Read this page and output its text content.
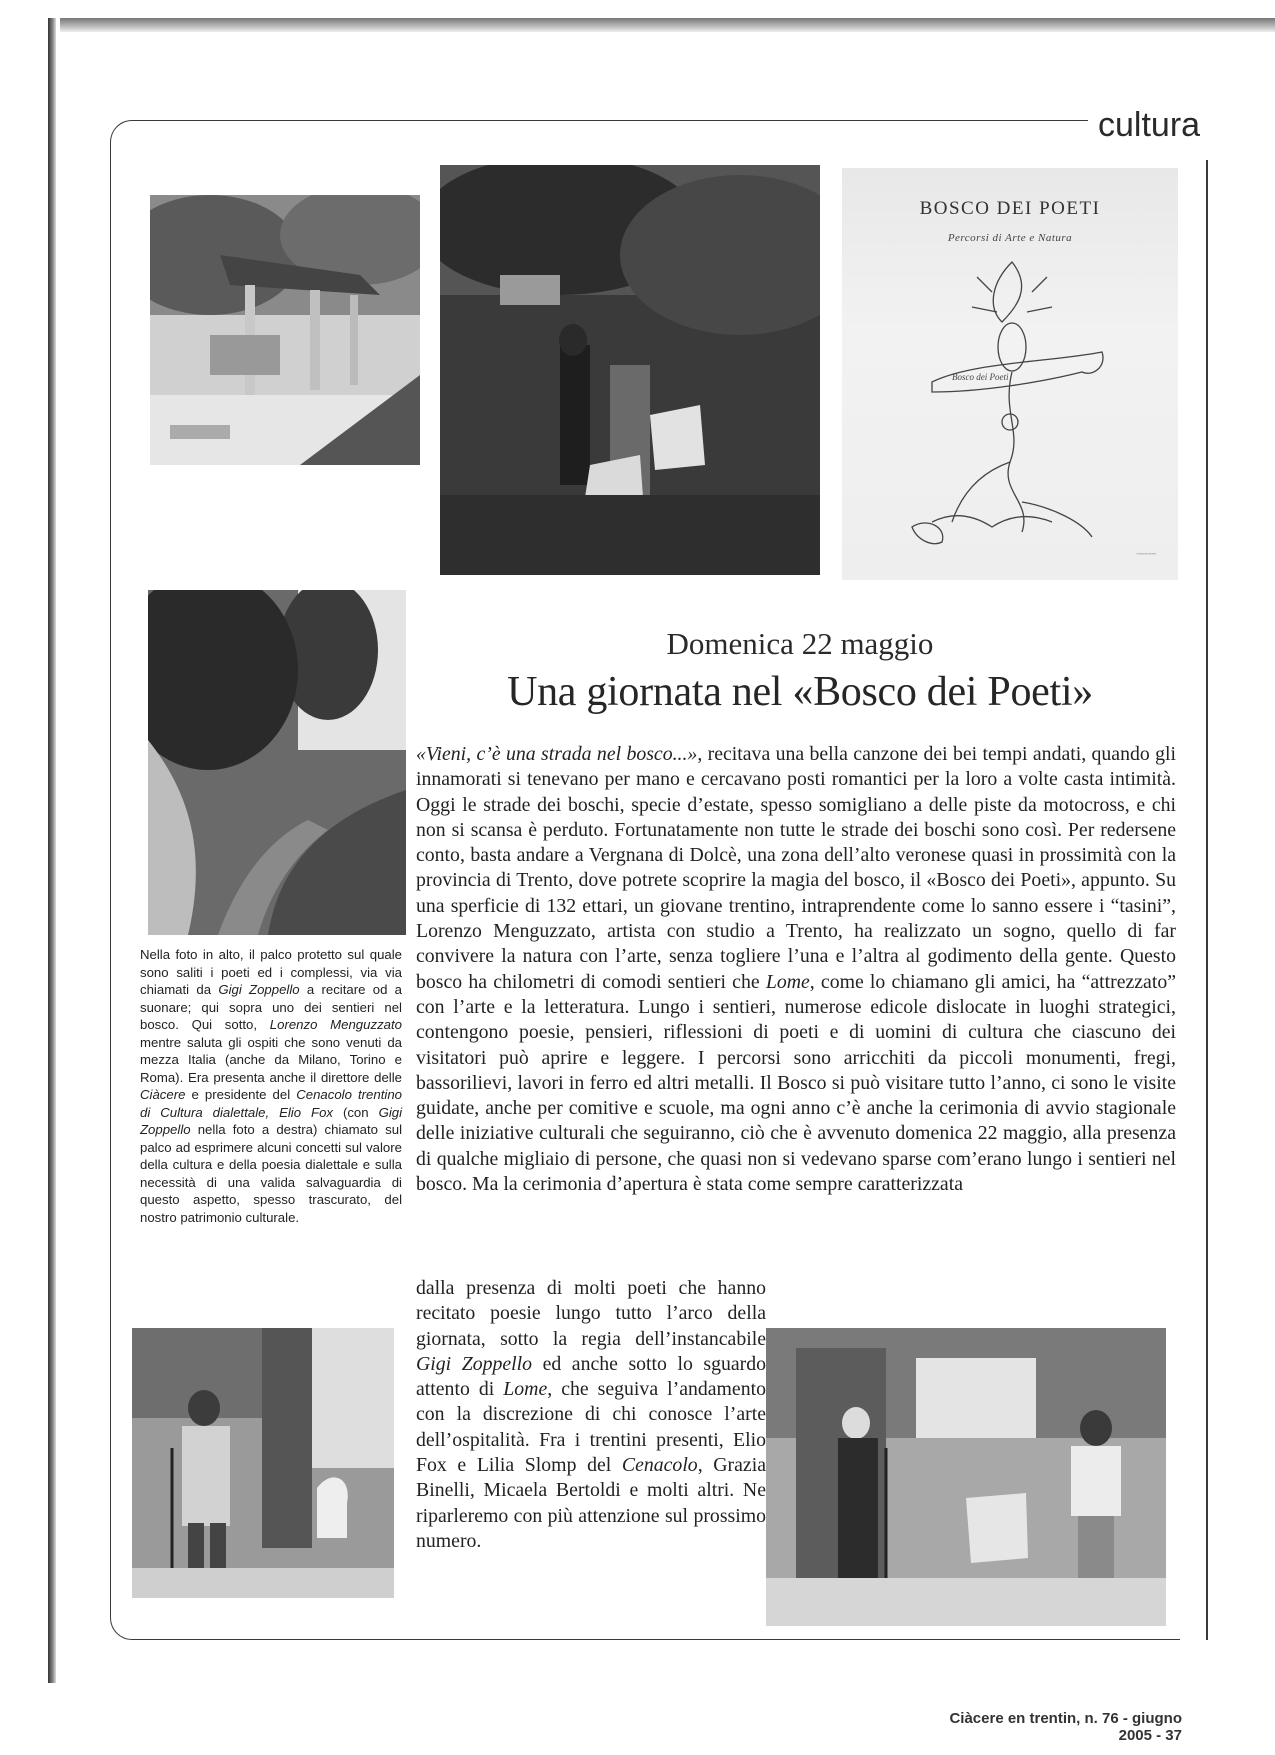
cultura
BOSCO DEI POETI
Percorsi di Arte e Natura
Bosco dei Poeti
~~~~~~

Nella foto in alto, il palco protetto sul quale sono saliti i poeti ed i complessi, via via chiamati da Gigi Zoppello a recitare od a suonare; qui sopra uno dei sentieri nel bosco. Qui sotto, Lorenzo Menguzzato mentre saluta gli ospiti che sono venuti da mezza Italia (anche da Milano, Torino e Roma). Era presenta anche il direttore delle Ciàcere e presidente del Cenacolo trentino di Cultura dialettale, Elio Fox (con Gigi Zoppello nella foto a destra) chiamato sul palco ad esprimere alcuni concetti sul valore della cultura e della poesia dialettale e sulla necessità di una valida salvaguardia di questo aspetto, spesso trascurato, del nostro patrimonio culturale.

Domenica 22 maggio
Una giornata nel «Bosco dei Poeti»

«Vieni, c’è una strada nel bosco...», recitava una bella canzone dei bei tempi andati, quando gli innamorati si tenevano per mano e cercavano posti romantici per la loro a volte casta intimità. Oggi le strade dei boschi, specie d’estate, spesso somigliano a delle piste da motocross, e chi non si scansa è perduto. Fortunatamente non tutte le strade dei boschi sono così. Per redersene conto, basta andare a Vergnana di Dolcè, una zona dell’alto veronese quasi in prossimità con la provincia di Trento, dove potrete scoprire la magia del bosco, il «Bosco dei Poeti», appunto. Su una sperficie di 132 ettari, un giovane trentino, intraprendente come lo sanno essere i “tasini”, Lorenzo Menguzzato, artista con studio a Trento, ha realizzato un sogno, quello di far convivere la natura con l’arte, senza togliere l’una e l’altra al godimento della gente. Questo bosco ha chilometri di comodi sentieri che Lome, come lo chiamano gli amici, ha “attrezzato” con l’arte e la letteratura. Lungo i sentieri, numerose edicole dislocate in luoghi strategici, contengono poesie, pensieri, riflessioni di poeti e di uomini di cultura che ciascuno dei visitatori può aprire e leggere. I percorsi sono arricchiti da piccoli monumenti, fregi, bassorilievi, lavori in ferro ed altri metalli. Il Bosco si può visitare tutto l’anno, ci sono le visite guidate, anche per comitive e scuole, ma ogni anno c’è anche la cerimonia di avvio stagionale delle iniziative culturali che seguiranno, ciò che è avvenuto domenica 22 maggio, alla presenza di qualche migliaio di persone, che quasi non si vedevano sparse com’erano lungo i sentieri nel bosco. Ma la cerimonia d’apertura è stata come sempre caratterizzata

dalla presenza di molti poeti che hanno recitato poesie lungo tutto l’arco della giornata, sotto la regia dell’instancabile Gigi Zoppello ed anche sotto lo sguardo attento di Lome, che seguiva l’andamento con la discrezione di chi conosce l’arte dell’ospitalità. Fra i trentini presenti, Elio Fox e Lilia Slomp del Cenacolo, Grazia Binelli, Micaela Bertoldi e molti altri. Ne riparleremo con più attenzione sul prossimo numero.

Ciàcere en trentin, n. 76 - giugno 2005 - 37
